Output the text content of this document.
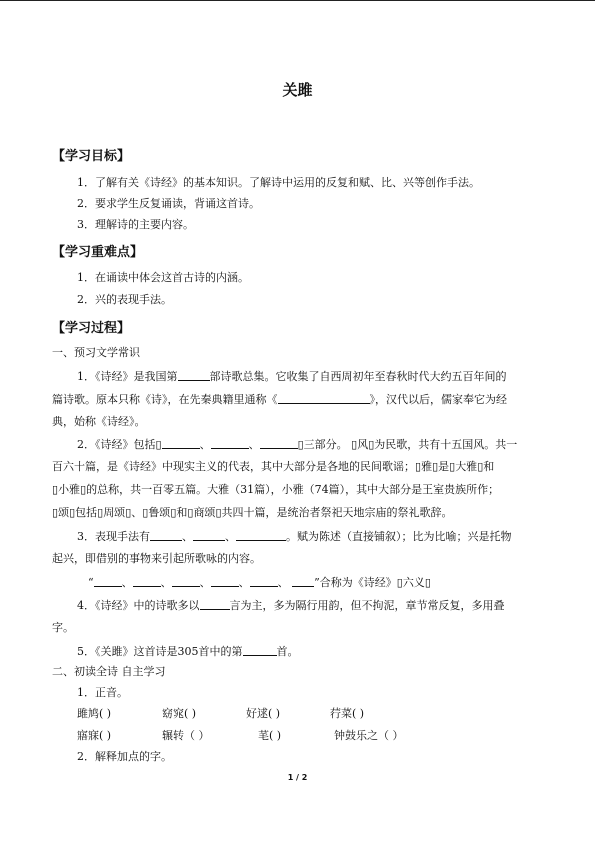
关雎
【学习目标】
1．了解有关《诗经》的基本知识。了解诗中运用的反复和赋、比、兴等创作手法。
2．要求学生反复诵读，背诵这首诗。
3．理解诗的主要内容。
【学习重难点】
1．在诵读中体会这首古诗的内涵。
2．兴的表现手法。
【学习过程】
一、预习文学常识
1．《诗经》是我国第	部诗歌总集。它收集了自西周初年至春秋时代大约五百年间的
篇诗歌。原本只称《诗》，在先秦典籍里通称《	》，汉代以后，儒家奉它为经
典，始称《诗经》。
2．《诗经》包括▯	、	、	▯三部分。 ▯风▯为民歌，共有十五国风。共一
百六十篇，是《诗经》中现实主义的代表，其中大部分是各地的民间歌谣；▯雅▯是▯大雅▯和
▯小雅▯的总称，共一百零五篇。大雅（31篇），小雅（74篇），其中大部分是王室贵族所作；
▯颂▯包括▯周颂▯、▯鲁颂▯和▯商颂▯共四十篇，是统治者祭祀天地宗庙的祭礼歌辞。
3．表现手法有	、	、	。赋为陈述（直接铺叙）；比为比喻；兴是托物
起兴，即借别的事物来引起所歌咏的内容。
“	、	、	、	、	、 ”合称为《诗经》▯六义▯
4．《诗经》中的诗歌多以	言为主，多为隔行用韵，但不拘泥，章节常反复，多用叠
字。
5．《关雎》这首诗是305首中的第	首。
二、初读全诗 自主学习
1．正音。
雎鸠( )	窈窕( )	好逑( )	荇菜( )
寤寐( )	辗转（ ）	芼( )	钟鼓乐之（ ）
2．解释加点的字。
1 / 2
